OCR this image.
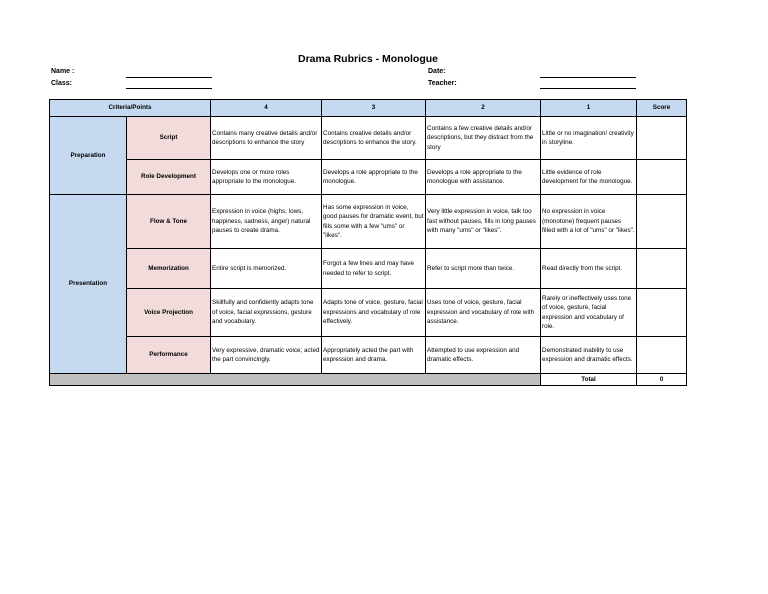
Drama Rubrics - Monologue
Name :
Class:
Date:
Teacher:
Criteria/Points		4	3	2	1	Score
Preparation	Script	Contains many creative details and/or descriptions to enhance the story	Contains creative details and/or descriptions to enhance the story.	Contains a few creative details and/or descriptions, but they distract from the story	Little or no imagination/ creativity in storyline.	
	Role Development	Develops one or more roles appropriate to the monologue.	Develops a role appropriate to the monologue.	Develops a role appropriate to the monologue with assistance.	Little evidence of role development for the monologue.	
Presentation	Flow & Tone	Expression in voice (highs, lows, happiness, sadness, anger) natural pauses to create drama.	Has some expression in voice, good pauses for dramatic event, but fills some with a few "ums" or "likes".	Very little expression in voice, talk too fast without pauses, fills in long pauses with many "ums" or "likes".	No expression in voice (monotone) frequent pauses filled with a lot of "ums" or "likes".	
	Memorization	Entire script is memorized.	Forgot a few lines and may have needed to refer to script.	Refer to script more than twice.	Read directly from the script.	
	Voice Projection	Skillfully and confidently adapts tone of voice, facial expressions, gesture and vocabulary.	Adapts tone of voice, gesture, facial expressions and vocabulary of role effectively.	Uses tone of voice, gesture, facial expression and vocabulary of role with assistance.	Rarely or ineffectively uses tone of voice, gesture, facial expression and vocabulary of role.	
	Performance	Very expressive, dramatic voice; acted the part convincingly.	Appropriately acted the part with expression and drama.	Attempted to use expression and dramatic effects.	Demonstrated inability to use expression and dramatic effects.	
					Total	0
